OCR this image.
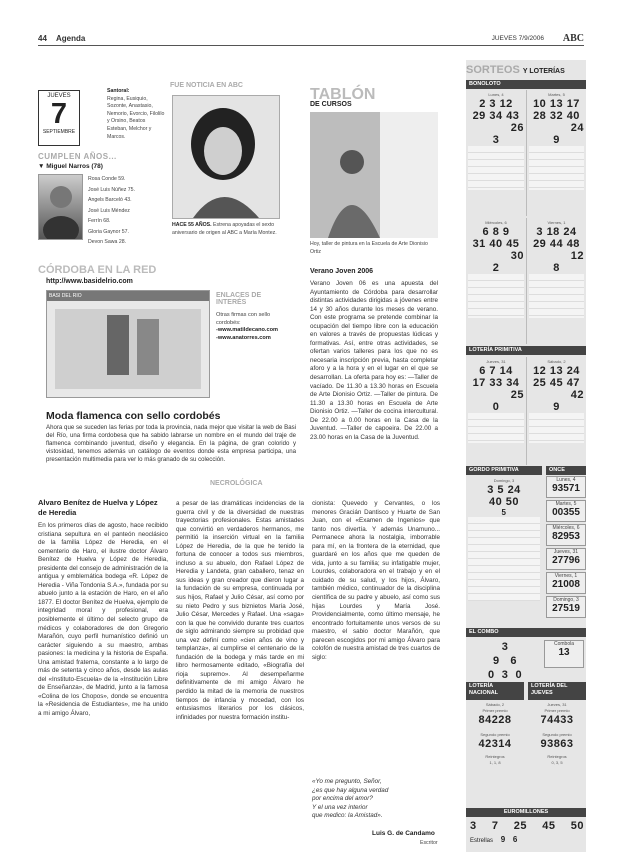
44 Agenda	JUEVES 7/9/2006 ABC
JUEVES
7
SEPTIEMBRE
Santoral:
Regina, Eusiquio, Sozonte, Anastasio, Nemorio, Evorcio, Filolilo y Orsino, Beatos Esteban, Melchor y Marcos.
CUMPLEN AÑOS...
▼ Miguel Narros (78)
Rosa Conde 59.
José Luis Núñez 75.
Angels Barceló 43.
José Luis Méndez
Ferrín 68.
Gloria Gaynor 57.
Devon Sawa 28.
FUE NOTICIA EN ABC
HACE 55 AÑOS. Estrena apoyadas el sexto aniversario de origen al ABC a María Montez.
TABLÓN
DE CURSOS
Hoy, taller de pintura en la Escuela de Arte Dionisio Ortiz
Verano Joven 2006
Verano Joven 06 es una apuesta del Ayuntamiento de Córdoba para desarrollar distintas actividades dirigidas a jóvenes entre 14 y 30 años durante los meses de verano. Con este programa se pretende combinar la ocupación del tiempo libre con la educación en valores a través de propuestas lúdicas y formativas. Así, entre otras actividades, se ofertan varios talleres para los que no es necesaria inscripción previa, hasta completar aforo y a la hora y en el lugar en el que se desarrollan. La oferta para hoy es: —Taller de vacíado. De 11.30 a 13.30 horas en Escuela de Arte Dionisio Ortiz. —Taller de pintura. De 11.30 a 13.30 horas en Escuela de Arte Dionisio Ortiz. —Taller de cocina intercultural. De 22.00 a 0.00 horas en la Casa de la Juventud. —Taller de capoeira. De 22.00 a 23.00 horas en la Casa de la Juventud.
CÓRDOBA EN LA RED
http://www.basidelrio.com
BASI DEL RIO	ENLACES DE INTERÉS
Otras firmas con sello cordobés:
-www.matildecano.com
-www.anatorres.com
Moda flamenca con sello cordobés
Ahora que se suceden las ferias por toda la provincia, nada mejor que visitar la web de Basi del Río, una firma cordobesa que ha sabido labrarse un nombre en el mundo del traje de flamenca combinando juventud, diseño y elegancia. En la página, de gran colorido y vistosidad, tenemos además un catálogo de eventos donde esta empresa participa, una presentación multimedia para ver lo más granado de su colección.
NECROLÓGICA
Alvaro Benítez de Huelva y López de Heredia
En los primeros días de agosto, hace recibido cristiana sepultura en el panteón neoclásico de la familia López de Heredia, en el cementerio de Haro, el ilustre doctor Álvaro Benítez de Huelva y López de Heredia, presidente del consejo de administración de la antigua y emblemática bodega «R. López de Heredia - Viña Tondonia S.A.», fundada por su abuelo junto a la estación de Haro, en el año 1877. El doctor Benítez de Huelva, ejemplo de integridad moral y profesional, era posiblemente el último del selecto grupo de médicos y colaboradores de don Gregorio Marañón, cuyo perfil humanístico definió un carácter siguiendo a su maestro, ambas pasiones: la medicina y la historia de España. Una amistad fraterna, constante a lo largo de más de setenta y cinco años, desde las aulas del «Instituto-Escuela» de la «Institución Libre de Enseñanza», de Madrid, junto a la famosa «Colina de los Chopos», donde se encuentra la «Residencia de Estudiantes», me ha unido a mi amigo Álvaro,
a pesar de las dramáticas incidencias de la guerra civil y de la diversidad de nuestras trayectorias profesionales. Estas amistades que convirtió en verdaderos hermanos, me permitió la inserción virtual en la familia López de Heredia, de la que he tenido la fortuna de conocer a todos sus miembros, incluso a su abuelo, don Rafael López de Heredia y Landeta, gran caballero, tenaz en sus ideas y gran creador que dieron lugar a la fundación de su empresa, continuada por sus hijos, Rafael y Julio César, así como por su nieto Pedro y sus biznietos María José, Julio César, Mercedes y Rafael. Una «saga» con la que he convivido durante tres cuartos de siglo admirando siempre su probidad que una vez definí como «cien años de vino y templanza», al cumplirse el centenario de la fundación de la bodega y más tarde en mi libro hermosamente editado, «Biografía del rioja supremo». Al desempeñarme definitivamente de mi amigo Álvaro he perdido la mitad de la memoria de nuestros tiempos de infancia y mocedad, con los entusiasmos literarios por los clásicos, infinidades por nuestra formación institu-
cionista: Quevedo y Cervantes, o los menores Gracián Dantisco y Huarte de San Juan, con el «Examen de Ingenios» que tanto nos divertía. Y además Unamuno... Permanece ahora la nostalgia, imborrable para mí, en la frontera de la eternidad, que guardaré en los años que me queden de vida, junto a su familia; su infatigable mujer, Lourdes, colaboradora en el trabajo y en el cuidado de su salud, y los hijos, Álvaro, también médico, continuador de la disciplina científica de su padre y abuelo, así como sus hijas Lourdes y María José. Providencialmente, como último mensaje, he encontrado fortuitamente unos versos de su maestro, el sabio doctor Marañón, que parecen escogidos por mi amigo Álvaro para colofón de nuestra amistad de tres cuartos de siglo:
«Yo me pregunto, Señor,
¿es que hay alguna verdad
por encima del amor?
Y el una vez interior
que medico: la Amistad».
Luis G. de Candamo
Escritor
SORTEOS Y LOTERÍAS
BONOLOTO
Lunes, 4
2 3 12
29 34 43
26
3
Martes, 5
10 13 17
28 32 40
24
9
Miércoles, 6
6 8 9
31 40 45
30
2
Viernes, 1
3 18 24
29 44 48
12
8
LOTERÍA PRIMITIVA
Jueves, 31
6 7 14
17 33 34
25
0
Sábado, 2
12 13 24
25 45 47
42
9
GORDO PRIMITIVA
Domingo, 3
3 5 24
40 50
5
ONCE
Lunes, 4
93571
Martes, 5
00355
Miércoles, 6
82953
Jueves, 31
27796
Viernes, 1
21008
Domingo, 3
27519
EL COMBO
3
9 6
0 3 0
Combola
13
LOTERÍA NACIONAL
LOTERÍA DEL JUEVES
Sábado, 2
Primer premio
84228
Segundo premio
42314
Reintegros
1, 1, 8
Jueves, 31
Primer premio
74433
Segundo premio
93863
Reintegros
0, 3, 5
EUROMILLONES
3 7 25 45 50
Estrellas 9 6
